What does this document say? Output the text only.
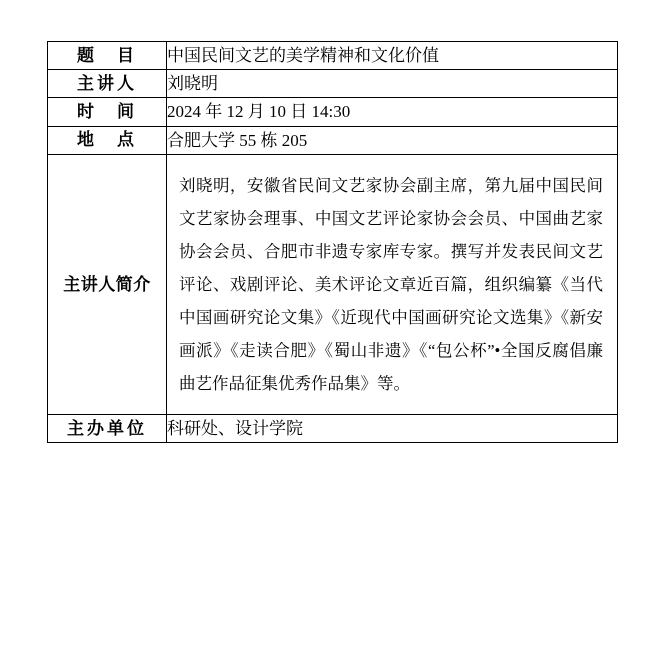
题　目	中国民间文艺的美学精神和文化价值
主讲人	刘晓明
时　间	2024 年 12 月 10 日 14:30
地　点	合肥大学 55 栋 205
主讲人简介	刘晓明，安徽省民间文艺家协会副主席，第九届中国民间文艺家协会理事、中国文艺评论家协会会员、中国曲艺家协会会员、合肥市非遗专家库专家。撰写并发表民间文艺评论、戏剧评论、美术评论文章近百篇，组织编纂《当代中国画研究论文集》《近现代中国画研究论文选集》《新安画派》《走读合肥》《蜀山非遗》《“包公杯”•全国反腐倡廉曲艺作品征集优秀作品集》等。
主办单位	科研处、设计学院
